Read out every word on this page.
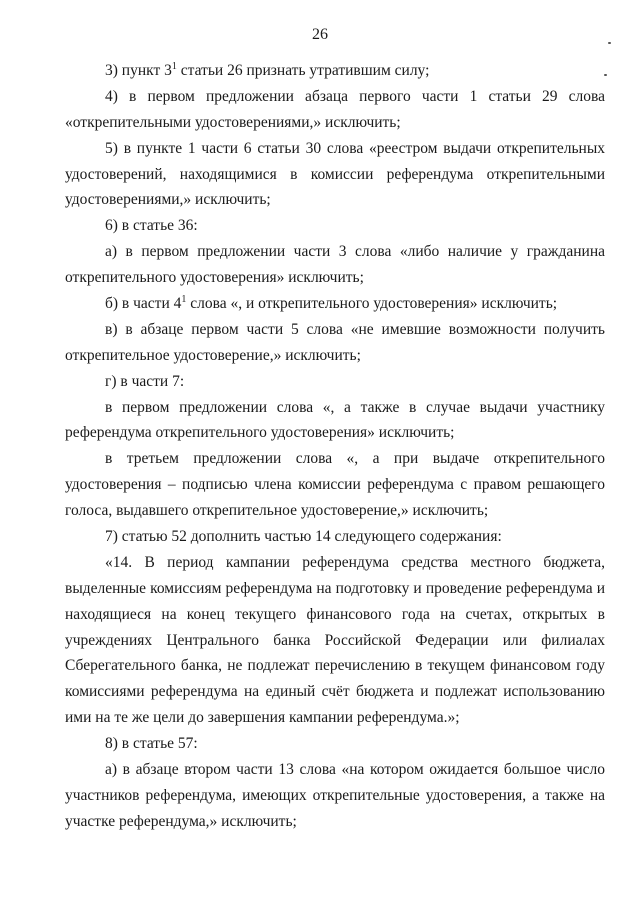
26
3) пункт $3^1$ статьи 26 признать утратившим силу;
4) в первом предложении абзаца первого части 1 статьи 29 слова
«открепительными удостоверениями,» исключить;
5) в пункте 1 части 6 статьи 30 слова «реестром выдачи открепительных
удостоверений, находящимися в комиссии референдума открепительными
удостоверениями,» исключить;
6) в статье 36:
а) в первом предложении части 3 слова «либо наличие у гражданина
открепительного удостоверения» исключить;
б) в части $4^1$ слова «, и открепительного удостоверения» исключить;
в) в абзаце первом части 5 слова «не имевшие возможности получить
открепительное удостоверение,» исключить;
г) в части 7:
в первом предложении слова «, а также в случае выдачи участнику
референдума открепительного удостоверения» исключить;
в третьем предложении слова «, а при выдаче открепительного
удостоверения – подписью члена комиссии референдума с правом решающего
голоса, выдавшего открепительное удостоверение,» исключить;
7) статью 52 дополнить частью 14 следующего содержания:
«14. В период кампании референдума средства местного бюджета,
выделенные комиссиям референдума на подготовку и проведение референдума и
находящиеся на конец текущего финансового года на счетах, открытых в
учреждениях Центрального банка Российской Федерации или филиалах
Сберегательного банка, не подлежат перечислению в текущем финансовом году
комиссиями референдума на единый счёт бюджета и подлежат использованию
ими на те же цели до завершения кампании референдума.»;
8) в статье 57:
а) в абзаце втором части 13 слова «на котором ожидается большое число
участников референдума, имеющих открепительные удостоверения, а также на
участке референдума,» исключить;
